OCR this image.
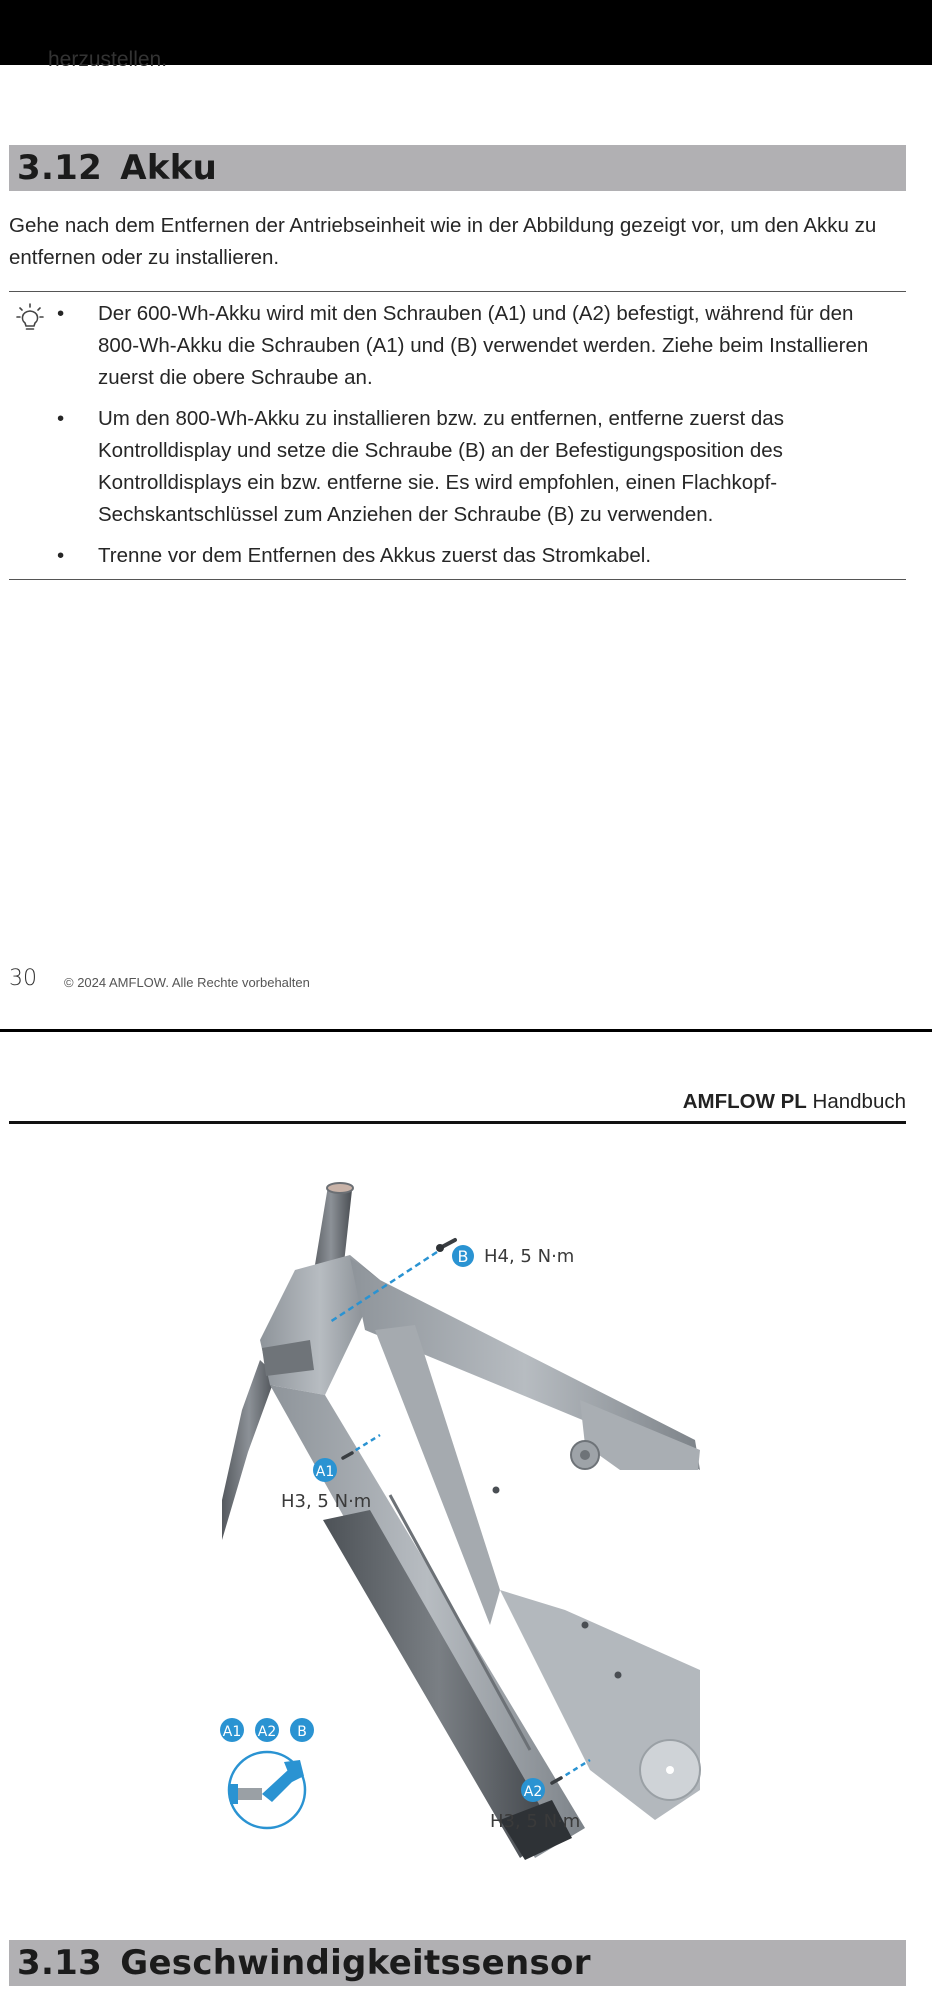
herzustellen.
3.12 Akku

Gehe nach dem Entfernen der Antriebseinheit wie in der Abbildung gezeigt vor, um den Akku zu entfernen oder zu installieren.

•	Der 600-Wh-Akku wird mit den Schrauben (A1) und (A2) befestigt, während für den 800-Wh-Akku die Schrauben (A1) und (B) verwendet werden. Ziehe beim Installieren zuerst die obere Schraube an.
•	Um den 800-Wh-Akku zu installieren bzw. zu entfernen, entferne zuerst das Kontrolldisplay und setze die Schraube (B) an der Befestigungsposition des Kontrolldisplays ein bzw. entferne sie. Es wird empfohlen, einen Flachkopf-Sechskantschlüssel zum Anziehen der Schraube (B) zu verwenden.
•	Trenne vor dem Entfernen des Akkus zuerst das Stromkabel.
30 © 2024 AMFLOW. Alle Rechte vorbehalten
AMFLOW PL Handbuch
B H4, 5 N·m
A1
H3, 5 N·m
A2
H3, 5 N·m
A1 A2 B
3.13 Geschwindigkeitssensor
